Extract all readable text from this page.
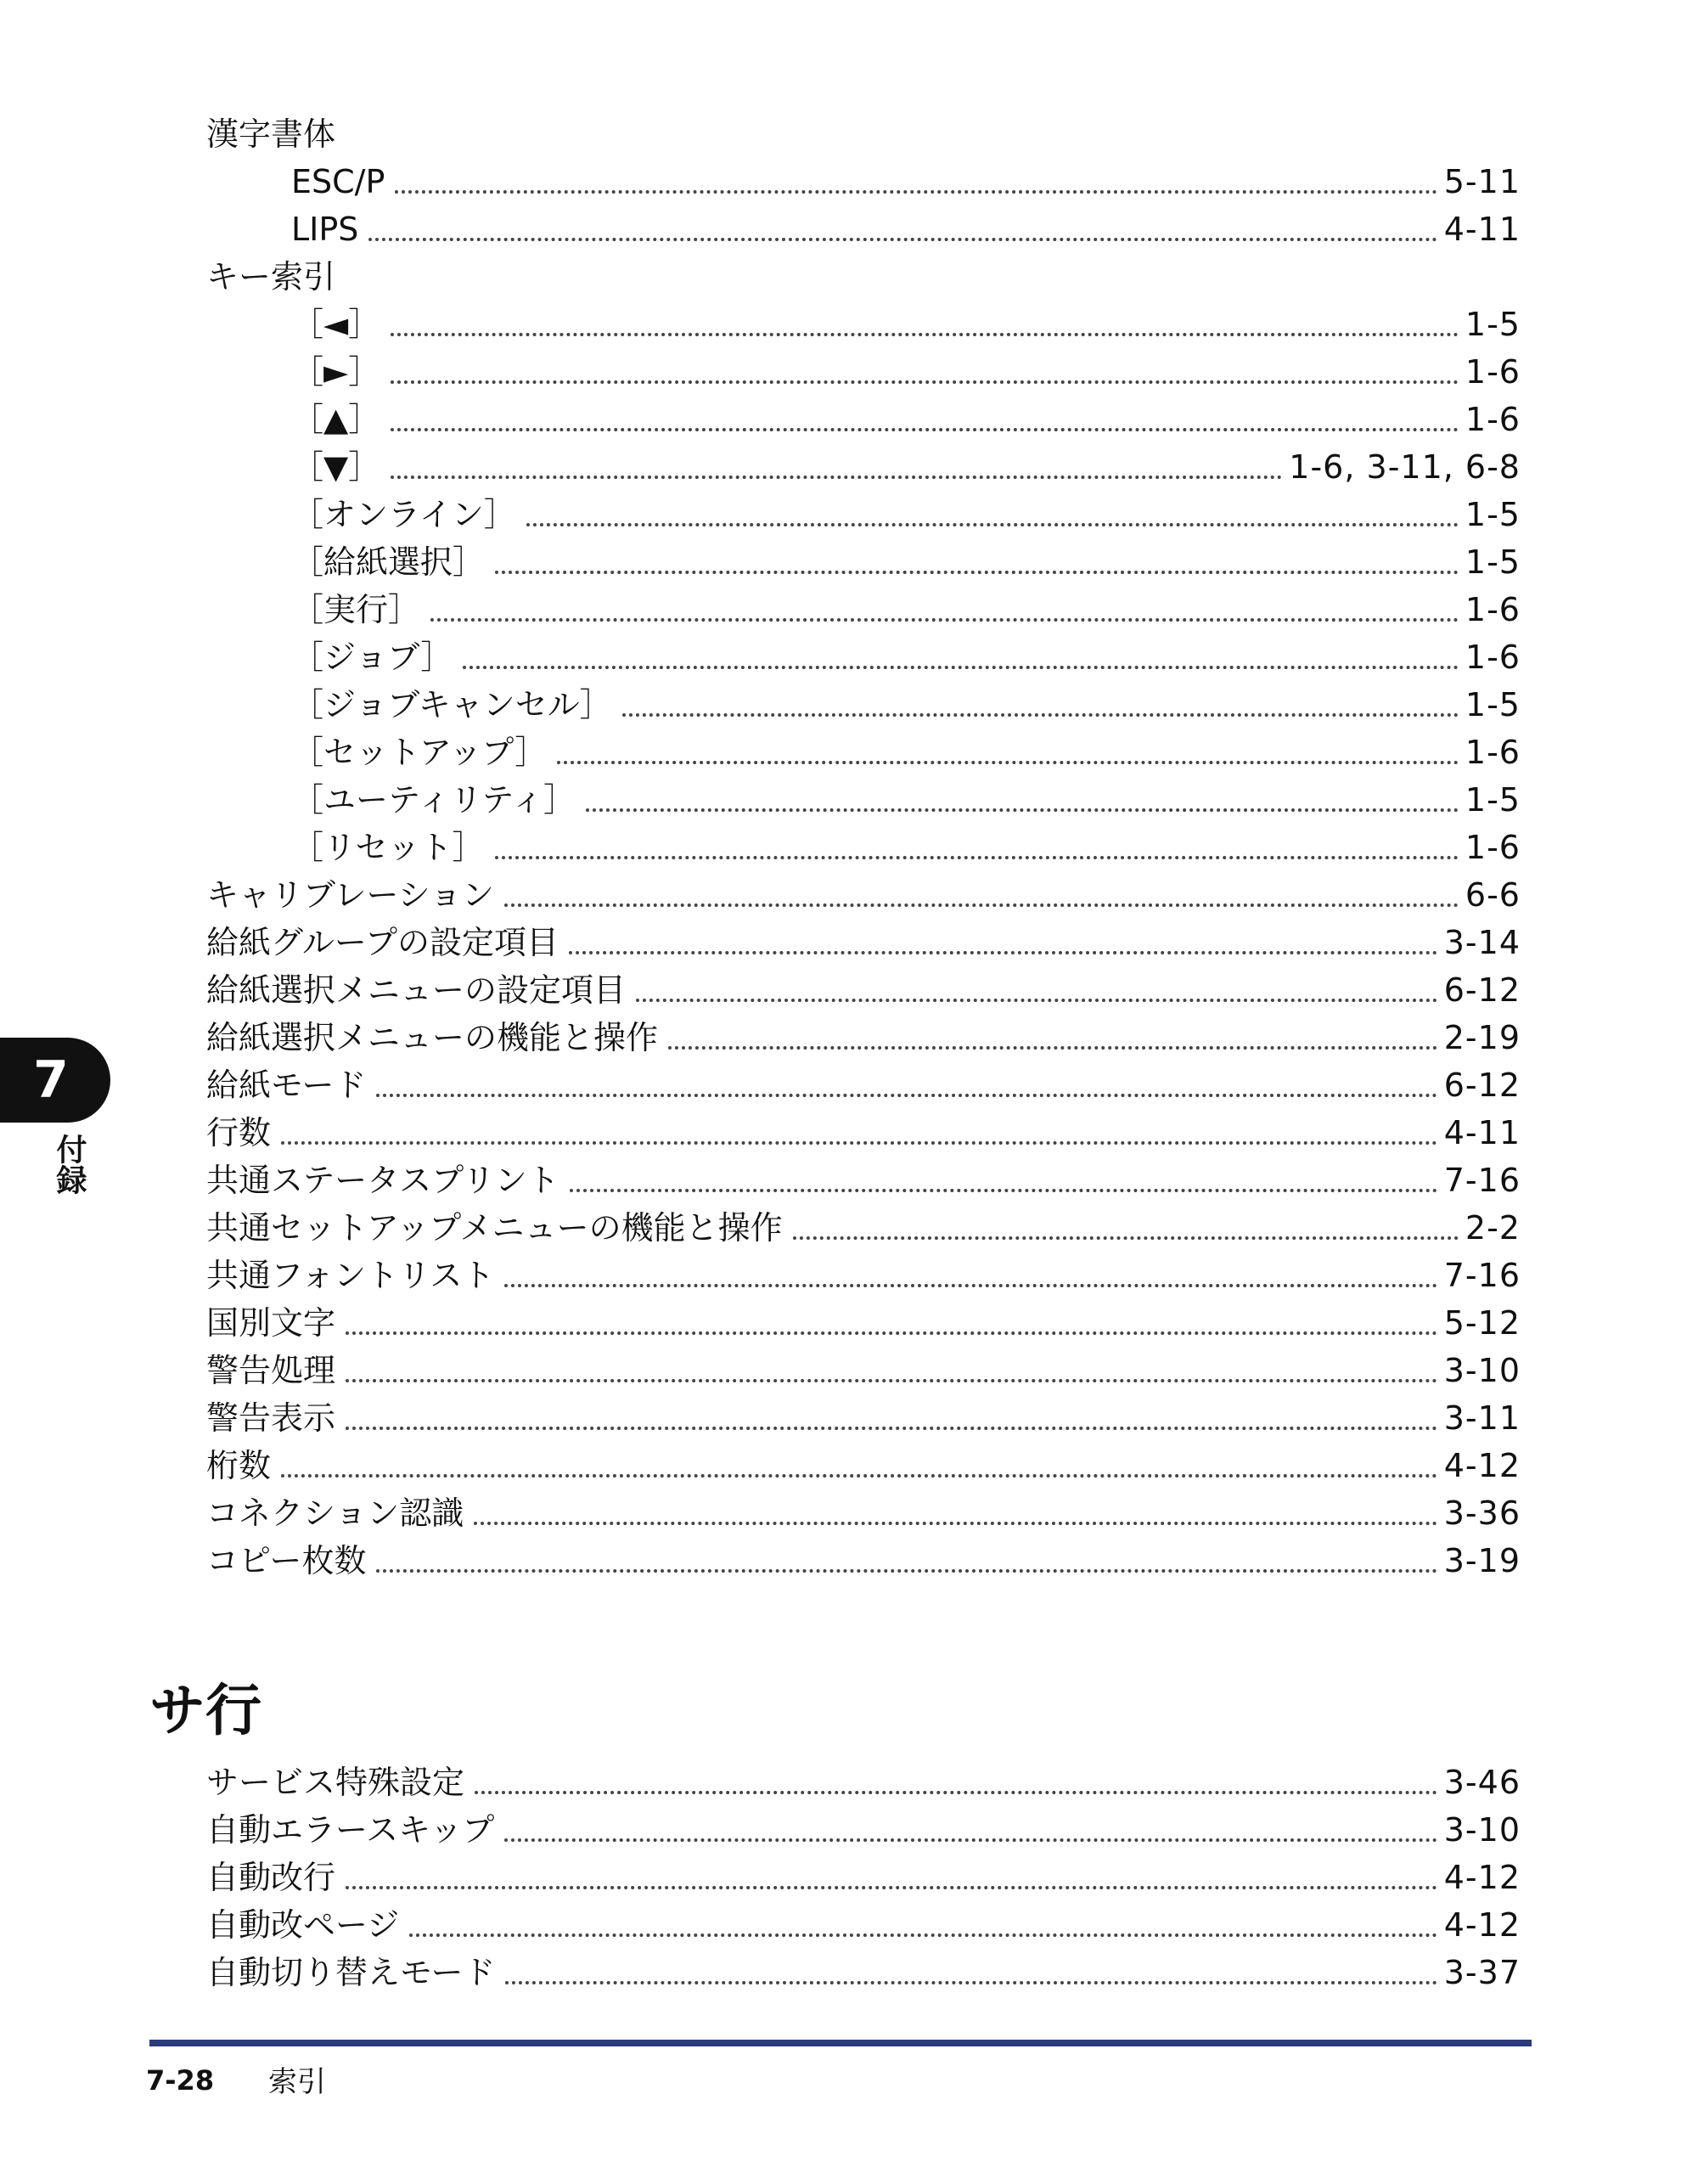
7
付録
漢字書体
ESC/P	5-11
LIPS	4-11
キー索引
［◄］	1-5
［►］	1-6
［▲］	1-6
［▼］	1-6, 3-11, 6-8
［オンライン］	1-5
［給紙選択］	1-5
［実行］	1-6
［ジョブ］	1-6
［ジョブキャンセル］	1-5
［セットアップ］	1-6
［ユーティリティ］	1-5
［リセット］	1-6
キャリブレーション	6-6
給紙グループの設定項目	3-14
給紙選択メニューの設定項目	6-12
給紙選択メニューの機能と操作	2-19
給紙モード	6-12
行数	4-11
共通ステータスプリント	7-16
共通セットアップメニューの機能と操作	2-2
共通フォントリスト	7-16
国別文字	5-12
警告処理	3-10
警告表示	3-11
桁数	4-12
コネクション認識	3-36
コピー枚数	3-19
サ行
サービス特殊設定	3-46
自動エラースキップ	3-10
自動改行	4-12
自動改ページ	4-12
自動切り替えモード	3-37
7-28 索引
